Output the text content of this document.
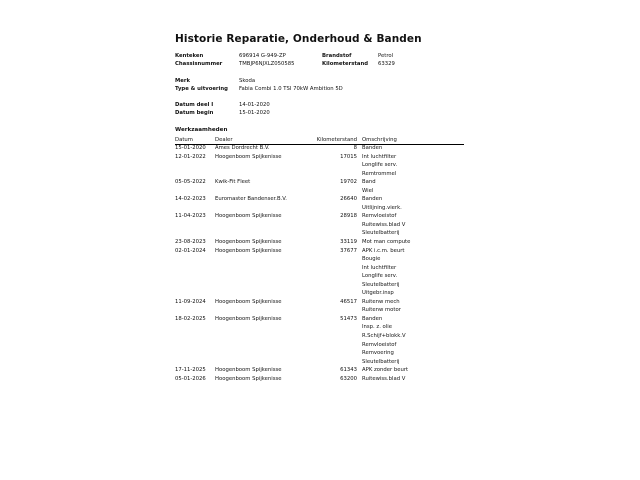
Historie Reparatie, Onderhoud & Banden
Kenteken	696914 G-949-ZP	Brandstof	Petrol
Chassisnummer	TMBJP6NJXLZ050585	Kilometerstand 63329
Merk	Skoda
Type & uitvoering Fabia Combi 1.0 TSI 70kW Ambition 5D
Datum deel I	14-01-2020
Datum begin	15-01-2020
Werkzaamheden
Datum	Dealer	Kilometerstand Omschrijving
15-01-2020 Ames Dordrecht B.V.	8 Banden
12-01-2022 Hoogenboom Spijkenisse	17015 Int luchtfilter
Longlife serv.
Remtrommel
05-05-2022 Kwik-Fit Fleet	19702 Band
Wiel
14-02-2023 Euromaster Bandenser.B.V.	26640 Banden
Uitlijning.vierk.
11-04-2023 Hoogenboom Spijkenisse	28918 Remvloeistof
Ruitewiss.blad V
Sleutelbatterij
23-08-2023 Hoogenboom Spijkenisse	33119 Mot man compute
02-01-2024 Hoogenboom Spijkenisse	37677 APK i.c.m. beurt
Bougie
Int luchtfilter
Longlife serv.
Sleutelbatterij
Uitgebr.insp
11-09-2024 Hoogenboom Spijkenisse	46517 Ruitenw mech
Ruitenw motor
18-02-2025 Hoogenboom Spijkenisse	51473 Banden
Insp. z. olie
R.Schijf+blokk.V
Remvloeistof
Remvoering
Sleutelbatterij
17-11-2025 Hoogenboom Spijkenisse	61343 APK zonder beurt
05-01-2026 Hoogenboom Spijkenisse	63200 Ruitewiss.blad V
